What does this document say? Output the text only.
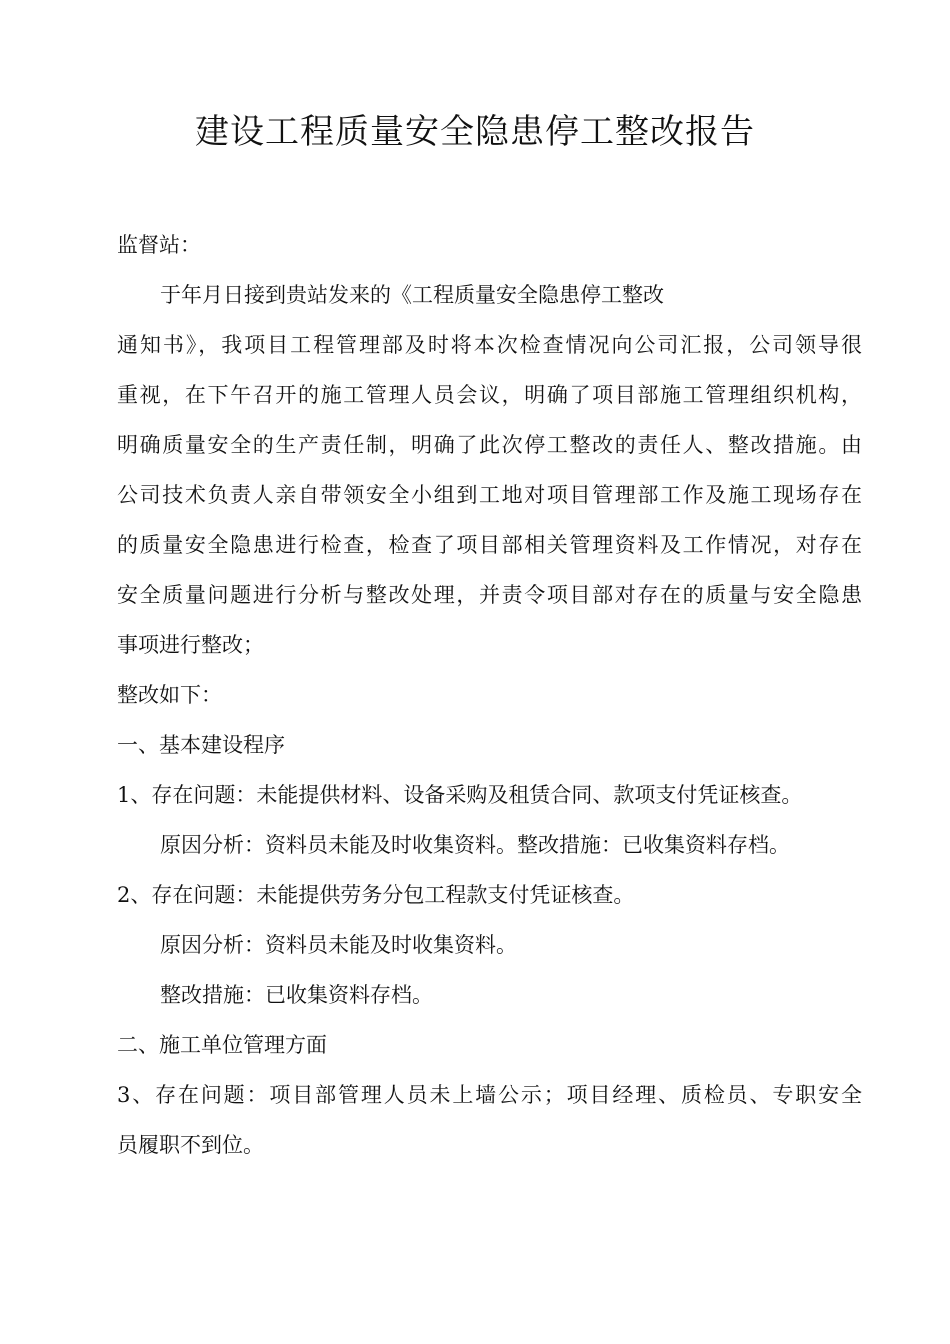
建设工程质量安全隐患停工整改报告
监督站：
于年月日接到贵站发来的《工程质量安全隐患停工整改
通知书》，我项目工程管理部及时将本次检查情况向公司汇报，公司领导很
重视，在下午召开的施工管理人员会议，明确了项目部施工管理组织机构，
明确质量安全的生产责任制，明确了此次停工整改的责任人、整改措施。由
公司技术负责人亲自带领安全小组到工地对项目管理部工作及施工现场存在
的质量安全隐患进行检查，检查了项目部相关管理资料及工作情况，对存在
安全质量问题进行分析与整改处理，并责令项目部对存在的质量与安全隐患
事项进行整改；
整改如下：
一、基本建设程序
1、存在问题：未能提供材料、设备采购及租赁合同、款项支付凭证核查。
原因分析：资料员未能及时收集资料。整改措施：已收集资料存档。
2、存在问题：未能提供劳务分包工程款支付凭证核查。
原因分析：资料员未能及时收集资料。
整改措施：已收集资料存档。
二、施工单位管理方面
3、存在问题：项目部管理人员未上墙公示；项目经理、质检员、专职安全
员履职不到位。
